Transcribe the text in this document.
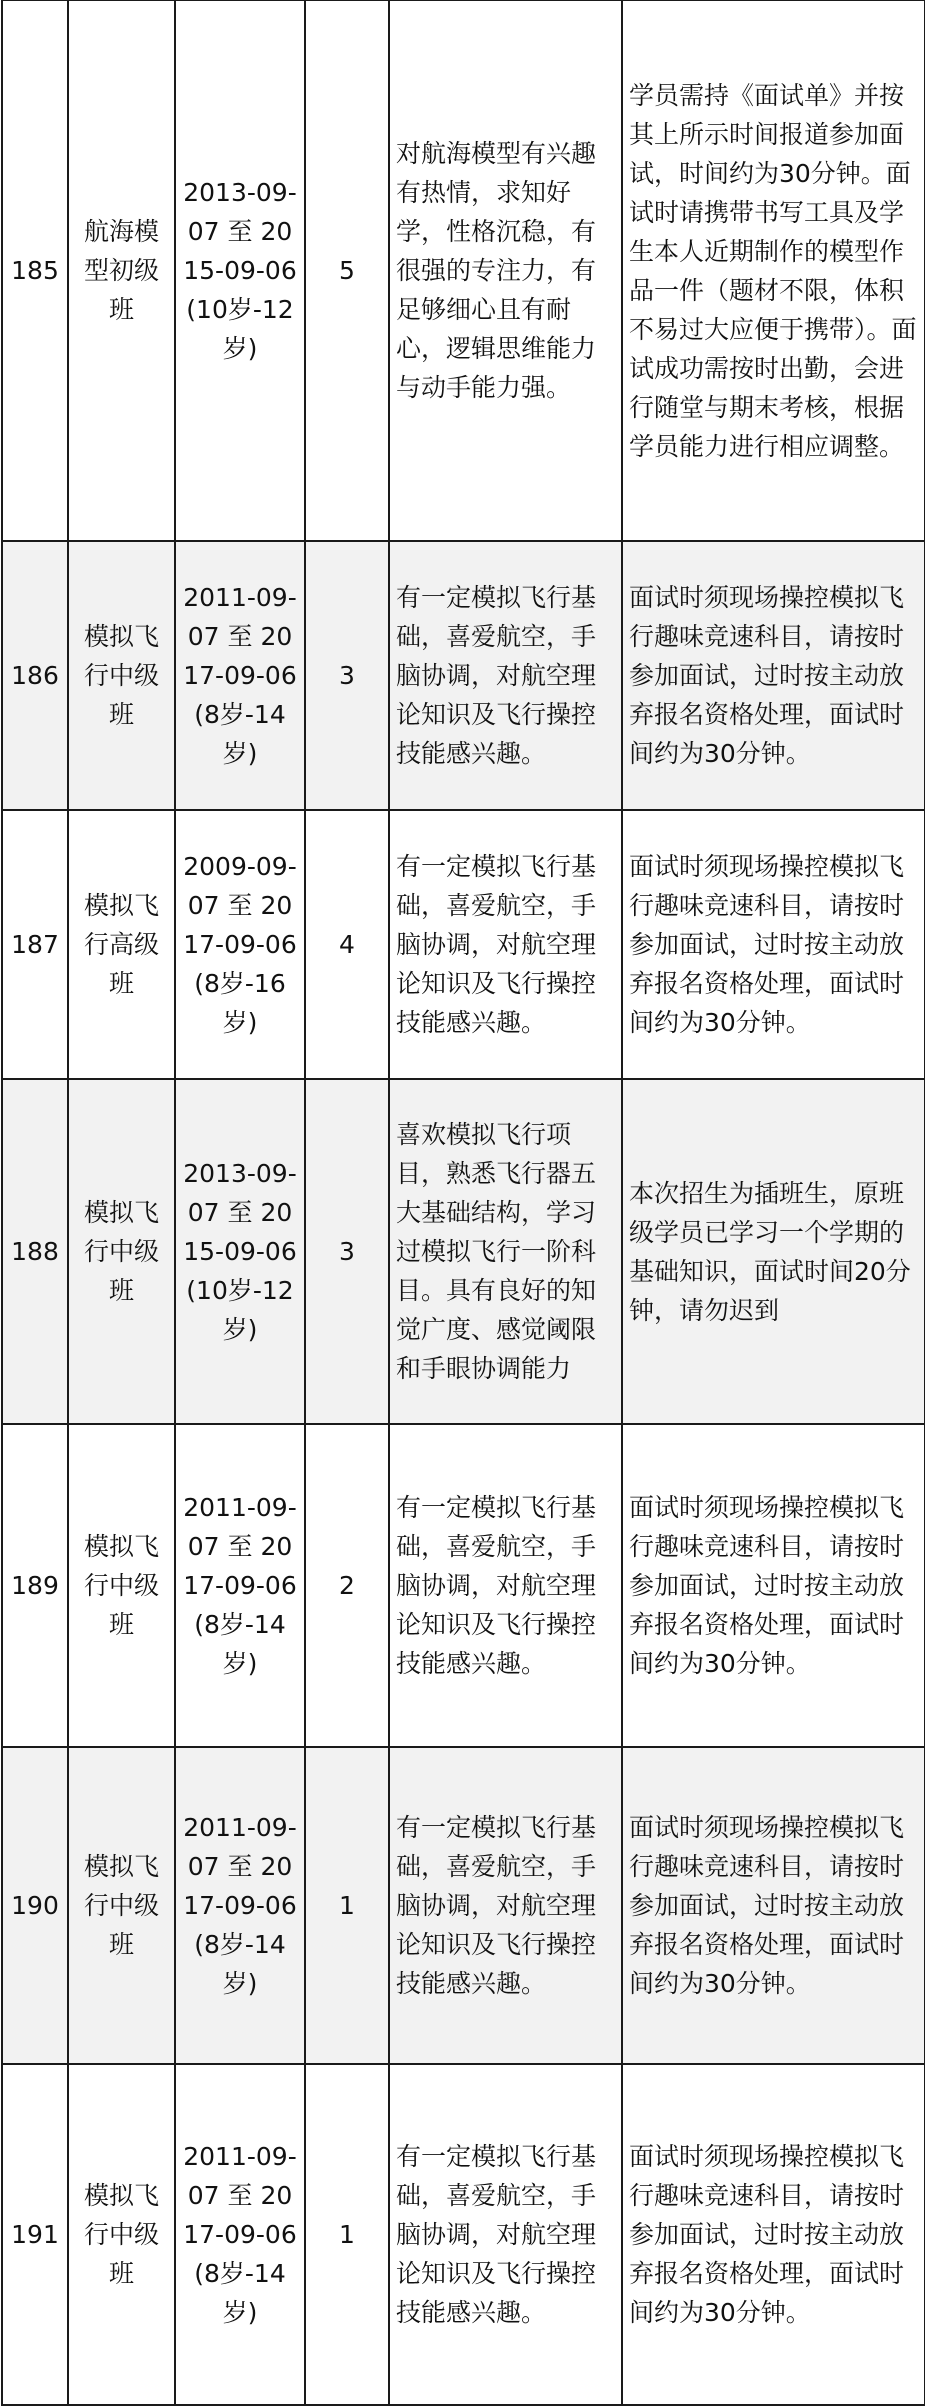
185	航海模型初级班	2013-09-07 至 2015-09-06(10岁-12岁)	5	对航海模型有兴趣有热情，求知好学，性格沉稳，有很强的专注力，有足够细心且有耐心，逻辑思维能力与动手能力强。	学员需持《面试单》并按其上所示时间报道参加面试，时间约为30分钟。面试时请携带书写工具及学生本人近期制作的模型作品一件（题材不限，体积不易过大应便于携带）。面试成功需按时出勤，会进行随堂与期末考核，根据学员能力进行相应调整。
186	模拟飞行中级班	2011-09-07 至 2017-09-06(8岁-14岁)	3	有一定模拟飞行基础，喜爱航空，手脑协调，对航空理论知识及飞行操控技能感兴趣。	面试时须现场操控模拟飞行趣味竞速科目，请按时参加面试，过时按主动放弃报名资格处理，面试时间约为30分钟。
187	模拟飞行高级班	2009-09-07 至 2017-09-06(8岁-16岁)	4	有一定模拟飞行基础，喜爱航空，手脑协调，对航空理论知识及飞行操控技能感兴趣。	面试时须现场操控模拟飞行趣味竞速科目，请按时参加面试，过时按主动放弃报名资格处理，面试时间约为30分钟。
188	模拟飞行中级班	2013-09-07 至 2015-09-06(10岁-12岁)	3	喜欢模拟飞行项目，熟悉飞行器五大基础结构，学习过模拟飞行一阶科目。具有良好的知觉广度、感觉阈限和手眼协调能力	本次招生为插班生，原班级学员已学习一个学期的基础知识，面试时间20分钟，请勿迟到
189	模拟飞行中级班	2011-09-07 至 2017-09-06(8岁-14岁)	2	有一定模拟飞行基础，喜爱航空，手脑协调，对航空理论知识及飞行操控技能感兴趣。	面试时须现场操控模拟飞行趣味竞速科目，请按时参加面试，过时按主动放弃报名资格处理，面试时间约为30分钟。
190	模拟飞行中级班	2011-09-07 至 2017-09-06(8岁-14岁)	1	有一定模拟飞行基础，喜爱航空，手脑协调，对航空理论知识及飞行操控技能感兴趣。	面试时须现场操控模拟飞行趣味竞速科目，请按时参加面试，过时按主动放弃报名资格处理，面试时间约为30分钟。
191	模拟飞行中级班	2011-09-07 至 2017-09-06(8岁-14岁)	1	有一定模拟飞行基础，喜爱航空，手脑协调，对航空理论知识及飞行操控技能感兴趣。	面试时须现场操控模拟飞行趣味竞速科目，请按时参加面试，过时按主动放弃报名资格处理，面试时间约为30分钟。
